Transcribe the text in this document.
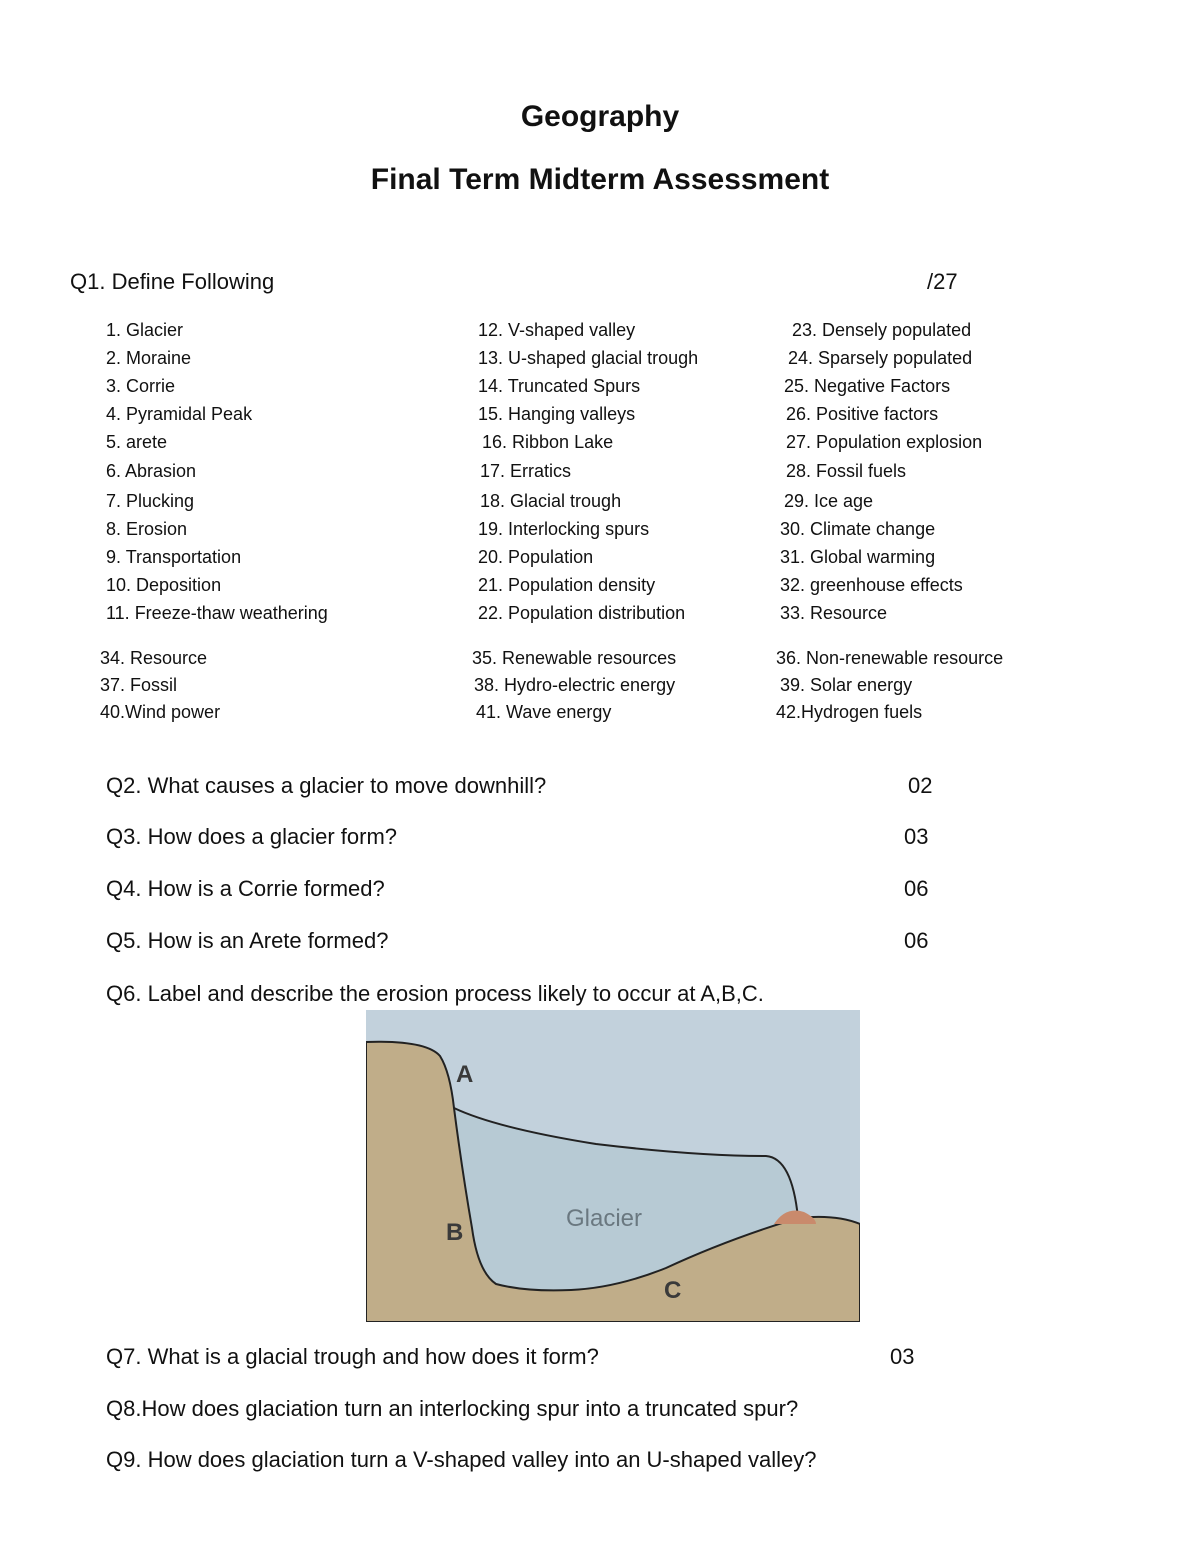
Geography
Final Term Midterm Assessment
Q1. Define Following	/27
1. Glacier
2. Moraine
3. Corrie
4. Pyramidal Peak
5. arete
6. Abrasion
7. Plucking
8. Erosion
9. Transportation
10. Deposition
11. Freeze-thaw weathering
12. V-shaped valley
13. U-shaped glacial trough
14. Truncated Spurs
15. Hanging valleys
16. Ribbon Lake
17. Erratics
18. Glacial trough
19. Interlocking spurs
20. Population
21. Population density
22. Population distribution
23. Densely populated
24. Sparsely populated
25. Negative Factors
26. Positive factors
27. Population explosion
28. Fossil fuels
29. Ice age
30. Climate change
31. Global warming
32. greenhouse effects
33. Resource
34. Resource	35. Renewable resources	36. Non-renewable resource
37. Fossil	38. Hydro-electric energy	39. Solar energy
40.Wind power	41. Wave energy	42.Hydrogen fuels
Q2. What causes a glacier to move downhill?	02
Q3. How does a glacier form?	03
Q4. How is a Corrie formed?	06
Q5. How is an Arete formed?	06
Q6. Label and describe the erosion process likely to occur at A,B,C.
A
B
C
Glacier
Q7. What is a glacial trough and how does it form?	03
Q8.How does glaciation turn an interlocking spur into a truncated spur?
Q9. How does glaciation turn a V-shaped valley into an U-shaped valley?
